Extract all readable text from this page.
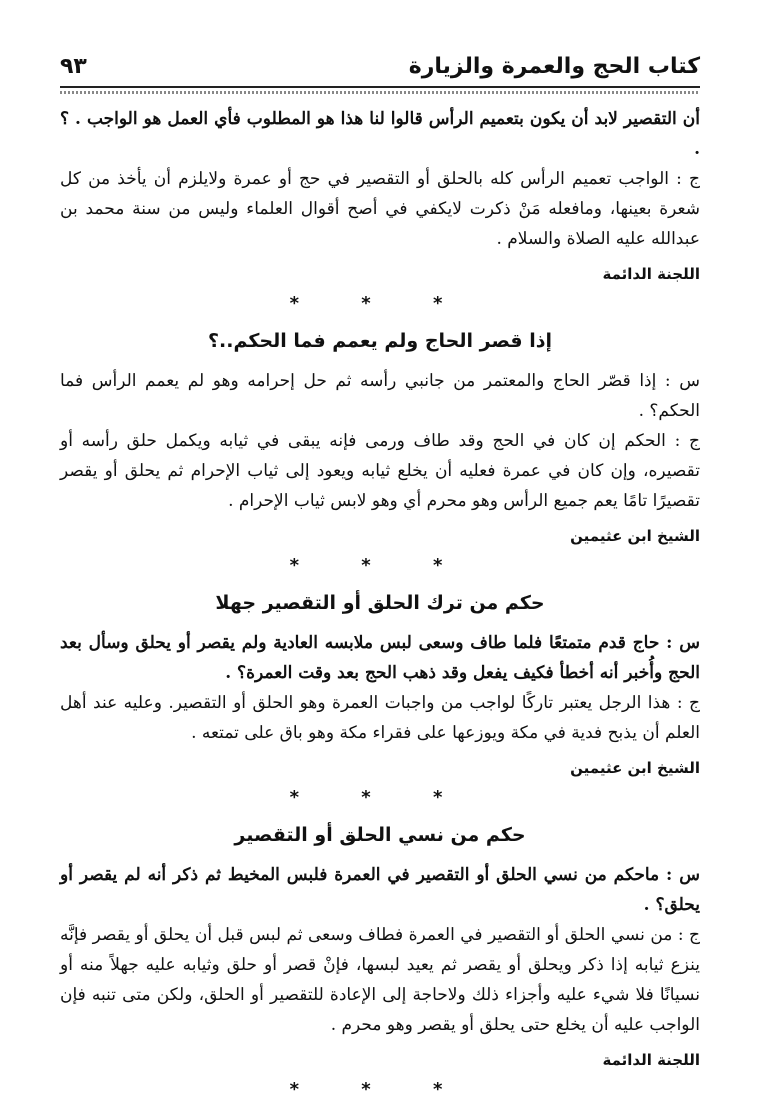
كتاب الحج والعمرة والزيارة
٩٣

أن التقصير لابد أن يكون بتعميم الرأس قالوا لنا هذا هو المطلوب فأي العمل هو الواجب . ؟ .

ج : الواجب تعميم الرأس كله بالحلق أو التقصير في حج أو عمرة ولايلزم أن يأخذ من كل شعرة بعينها، ومافعله مَنْ ذكرت لايكفي في أصح أقوال العلماء وليس من سنة محمد بن عبدالله عليه الصلاة والسلام .

اللجنة الدائمة
* * *
إذا قصر الحاج ولم يعمم فما الحكم..؟

س : إذا قصّر الحاج والمعتمر من جانبي رأسه ثم حل إحرامه وهو لم يعمم الرأس فما الحكم؟ .

ج : الحكم إن كان في الحج وقد طاف ورمى فإنه يبقى في ثيابه ويكمل حلق رأسه أو تقصيره، وإن كان في عمرة فعليه أن يخلع ثيابه ويعود إلى ثياب الإحرام ثم يحلق أو يقصر تقصيرًا تامًا يعم جميع الرأس وهو محرم أي وهو لابس ثياب الإحرام .

الشيخ ابن عثيمين
* * *
حكم من ترك الحلق أو التقصير جهلا

س : حاج قدم متمتعًا فلما طاف وسعى لبس ملابسه العادية ولم يقصر أو يحلق وسأل بعد الحج وأُخبر أنه أخطأ فكيف يفعل وقد ذهب الحج بعد وقت العمرة؟ .

ج : هذا الرجل يعتبر تاركًا لواجب من واجبات العمرة وهو الحلق أو التقصير. وعليه عند أهل العلم أن يذبح فدية في مكة ويوزعها على فقراء مكة وهو باق على تمتعه .

الشيخ ابن عثيمين
* * *
حكم من نسي الحلق أو التقصير

س : ماحكم من نسي الحلق أو التقصير في العمرة فلبس المخيط ثم ذكر أنه لم يقصر أو يحلق؟ .

ج : من نسي الحلق أو التقصير في العمرة فطاف وسعى ثم لبس قبل أن يحلق أو يقصر فإنَّه ينزع ثيابه إذا ذكر ويحلق أو يقصر ثم يعيد لبسها، فإنْ قصر أو حلق وثيابه عليه جهلاً منه أو نسيانًا فلا شيء عليه وأجزاء ذلك ولاحاجة إلى الإعادة للتقصير أو الحلق، ولكن متى تنبه فإن الواجب عليه أن يخلع حتى يحلق أو يقصر وهو محرم .

اللجنة الدائمة
* * *
